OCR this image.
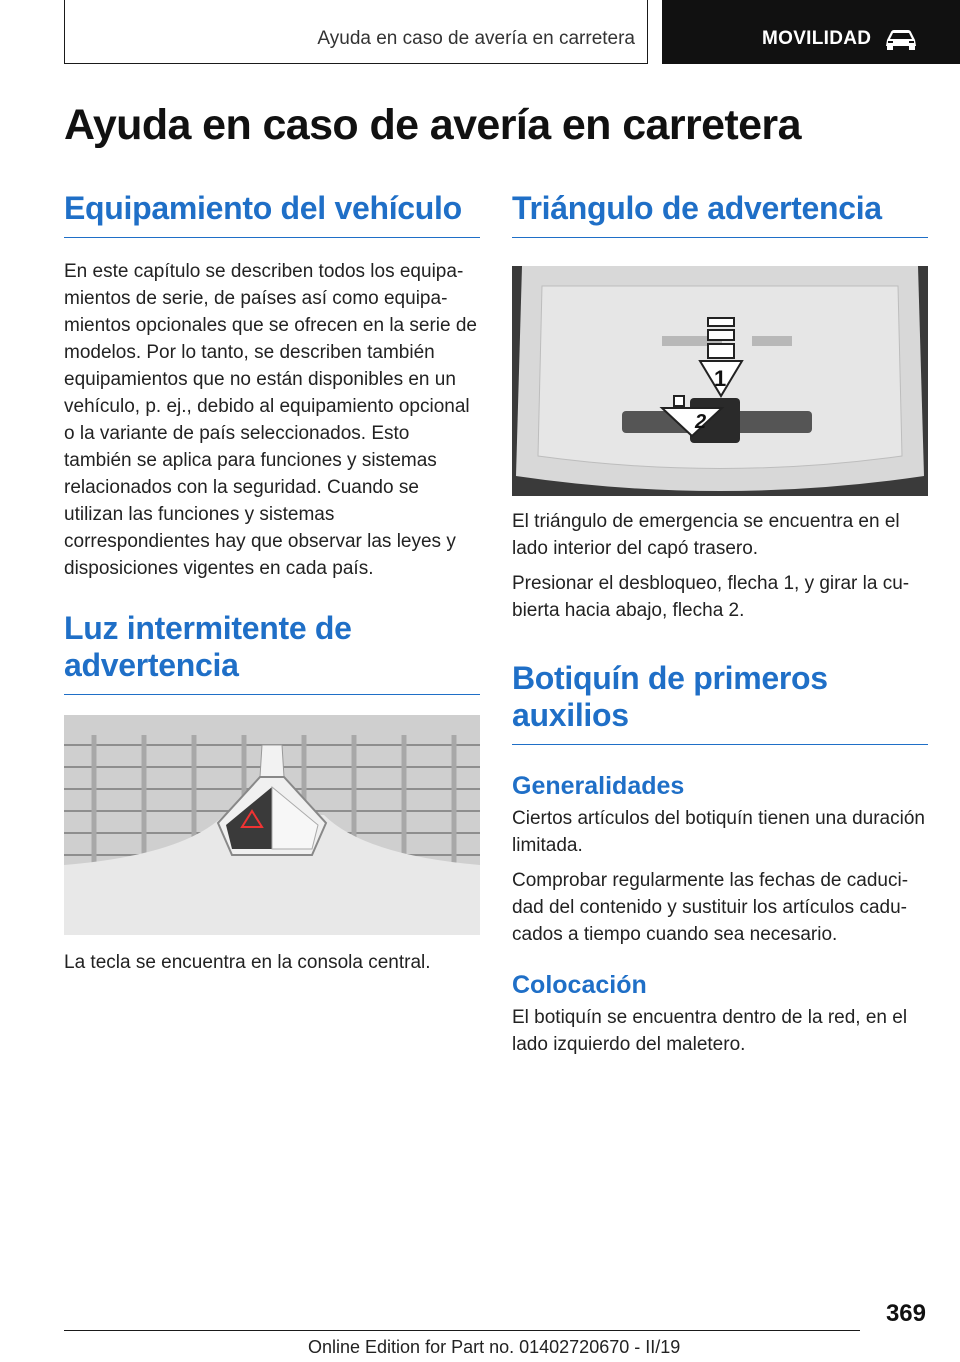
Ayuda en caso de avería en carretera	MOVILIDAD
Ayuda en caso de avería en carretera
Equipamiento del vehículo

En este capítulo se describen todos los equipamientos de serie, de países así como equipamientos opcionales que se ofrecen en la serie de modelos. Por lo tanto, se describen también equipamientos que no están disponibles en un vehículo, p. ej., debido al equipamiento opcional o la variante de país seleccionados. Esto también se aplica para funciones y sistemas relacionados con la seguridad. Cuando se utilizan las funciones y sistemas correspondientes hay que observar las leyes y disposiciones vigentes en cada país.

Luz intermitente de advertencia

La tecla se encuentra en la consola central.

Triángulo de advertencia
1
2

El triángulo de emergencia se encuentra en el lado interior del capó trasero.

Presionar el desbloqueo, flecha 1, y girar la cubierta hacia abajo, flecha 2.

Botiquín de primeros auxilios
Generalidades

Ciertos artículos del botiquín tienen una duración limitada.

Comprobar regularmente las fechas de caducidad del contenido y sustituir los artículos caducados a tiempo cuando sea necesario.

Colocación

El botiquín se encuentra dentro de la red, en el lado izquierdo del maletero.

369
Online Edition for Part no. 01402720670 - II/19
